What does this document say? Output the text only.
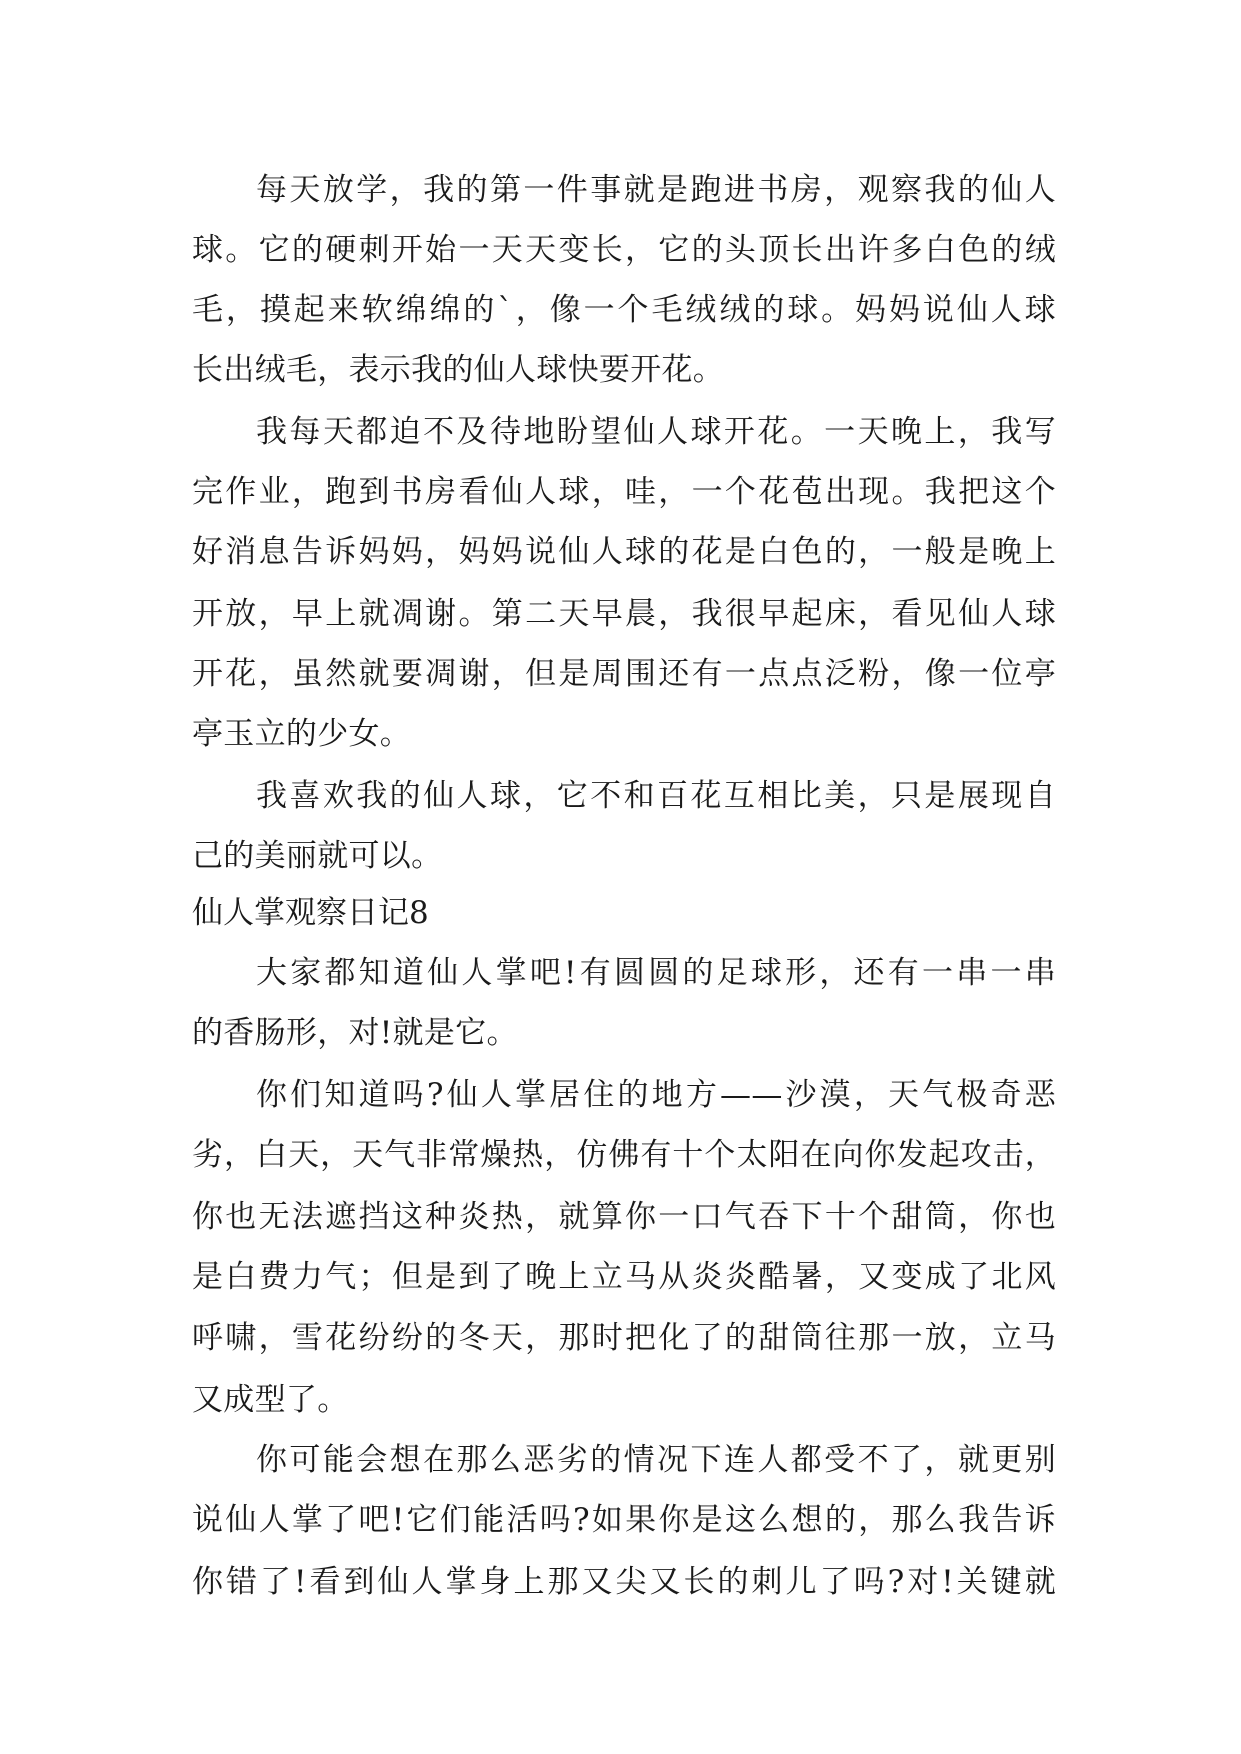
每天放学，我的第一件事就是跑进书房，观察我的仙人
球。它的硬刺开始一天天变长，它的头顶长出许多白色的绒
毛，摸起来软绵绵的`，像一个毛绒绒的球。妈妈说仙人球
长出绒毛，表示我的仙人球快要开花。
我每天都迫不及待地盼望仙人球开花。一天晚上，我写
完作业，跑到书房看仙人球，哇，一个花苞出现。我把这个
好消息告诉妈妈，妈妈说仙人球的花是白色的，一般是晚上
开放，早上就凋谢。第二天早晨，我很早起床，看见仙人球
开花，虽然就要凋谢，但是周围还有一点点泛粉，像一位亭
亭玉立的少女。
我喜欢我的仙人球，它不和百花互相比美，只是展现自
己的美丽就可以。
仙人掌观察日记8
大家都知道仙人掌吧!有圆圆的足球形，还有一串一串
的香肠形，对!就是它。
你们知道吗?仙人掌居住的地方——沙漠，天气极奇恶
劣，白天，天气非常燥热，仿佛有十个太阳在向你发起攻击，
你也无法遮挡这种炎热，就算你一口气吞下十个甜筒，你也
是白费力气；但是到了晚上立马从炎炎酷暑，又变成了北风
呼啸，雪花纷纷的冬天，那时把化了的甜筒往那一放，立马
又成型了。
你可能会想在那么恶劣的情况下连人都受不了，就更别
说仙人掌了吧!它们能活吗?如果你是这么想的，那么我告诉
你错了!看到仙人掌身上那又尖又长的刺儿了吗?对!关键就
